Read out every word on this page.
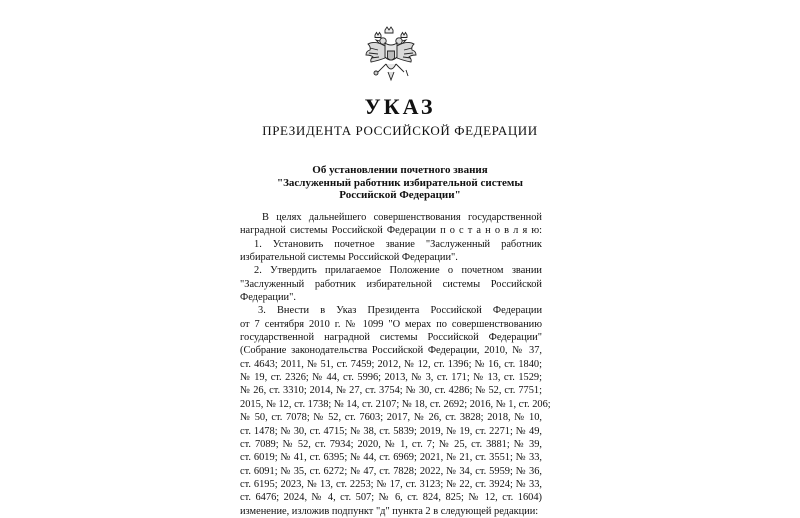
УКАЗ
ПРЕЗИДЕНТА РОССИЙСКОЙ ФЕДЕРАЦИИ
Об установлении почетного звания
"Заслуженный работник избирательной системы
Российской Федерации"
В целях дальнейшего совершенствования государственной
наградной системы Российской Федерации п о с т а н о в л я ю:
1. Установить почетное звание "Заслуженный работник
избирательной системы Российской Федерации".
2. Утвердить прилагаемое Положение о почетном звании
"Заслуженный работник избирательной системы Российской
Федерации".
3. Внести в Указ Президента Российской Федерации
от 7 сентября 2010 г. № 1099 "О мерах по совершенствованию
государственной наградной системы Российской Федерации"
(Собрание законодательства Российской Федерации, 2010, № 37,
ст. 4643; 2011, № 51, ст. 7459; 2012, № 12, ст. 1396; № 16, ст. 1840;
№ 19, ст. 2326; № 44, ст. 5996; 2013, № 3, ст. 171; № 13, ст. 1529;
№ 26, ст. 3310; 2014, № 27, ст. 3754; № 30, ст. 4286; № 52, ст. 7751;
2015, № 12, ст. 1738; № 14, ст. 2107; № 18, ст. 2692; 2016, № 1, ст. 206;
№ 50, ст. 7078; № 52, ст. 7603; 2017, № 26, ст. 3828; 2018, № 10,
ст. 1478; № 30, ст. 4715; № 38, ст. 5839; 2019, № 19, ст. 2271; № 49,
ст. 7089; № 52, ст. 7934; 2020, № 1, ст. 7; № 25, ст. 3881; № 39,
ст. 6019; № 41, ст. 6395; № 44, ст. 6969; 2021, № 21, ст. 3551; № 33,
ст. 6091; № 35, ст. 6272; № 47, ст. 7828; 2022, № 34, ст. 5959; № 36,
ст. 6195; 2023, № 13, ст. 2253; № 17, ст. 3123; № 22, ст. 3924; № 33,
ст. 6476; 2024, № 4, ст. 507; № 6, ст. 824, 825; № 12, ст. 1604)
изменение, изложив подпункт "д" пункта 2 в следующей редакции:
